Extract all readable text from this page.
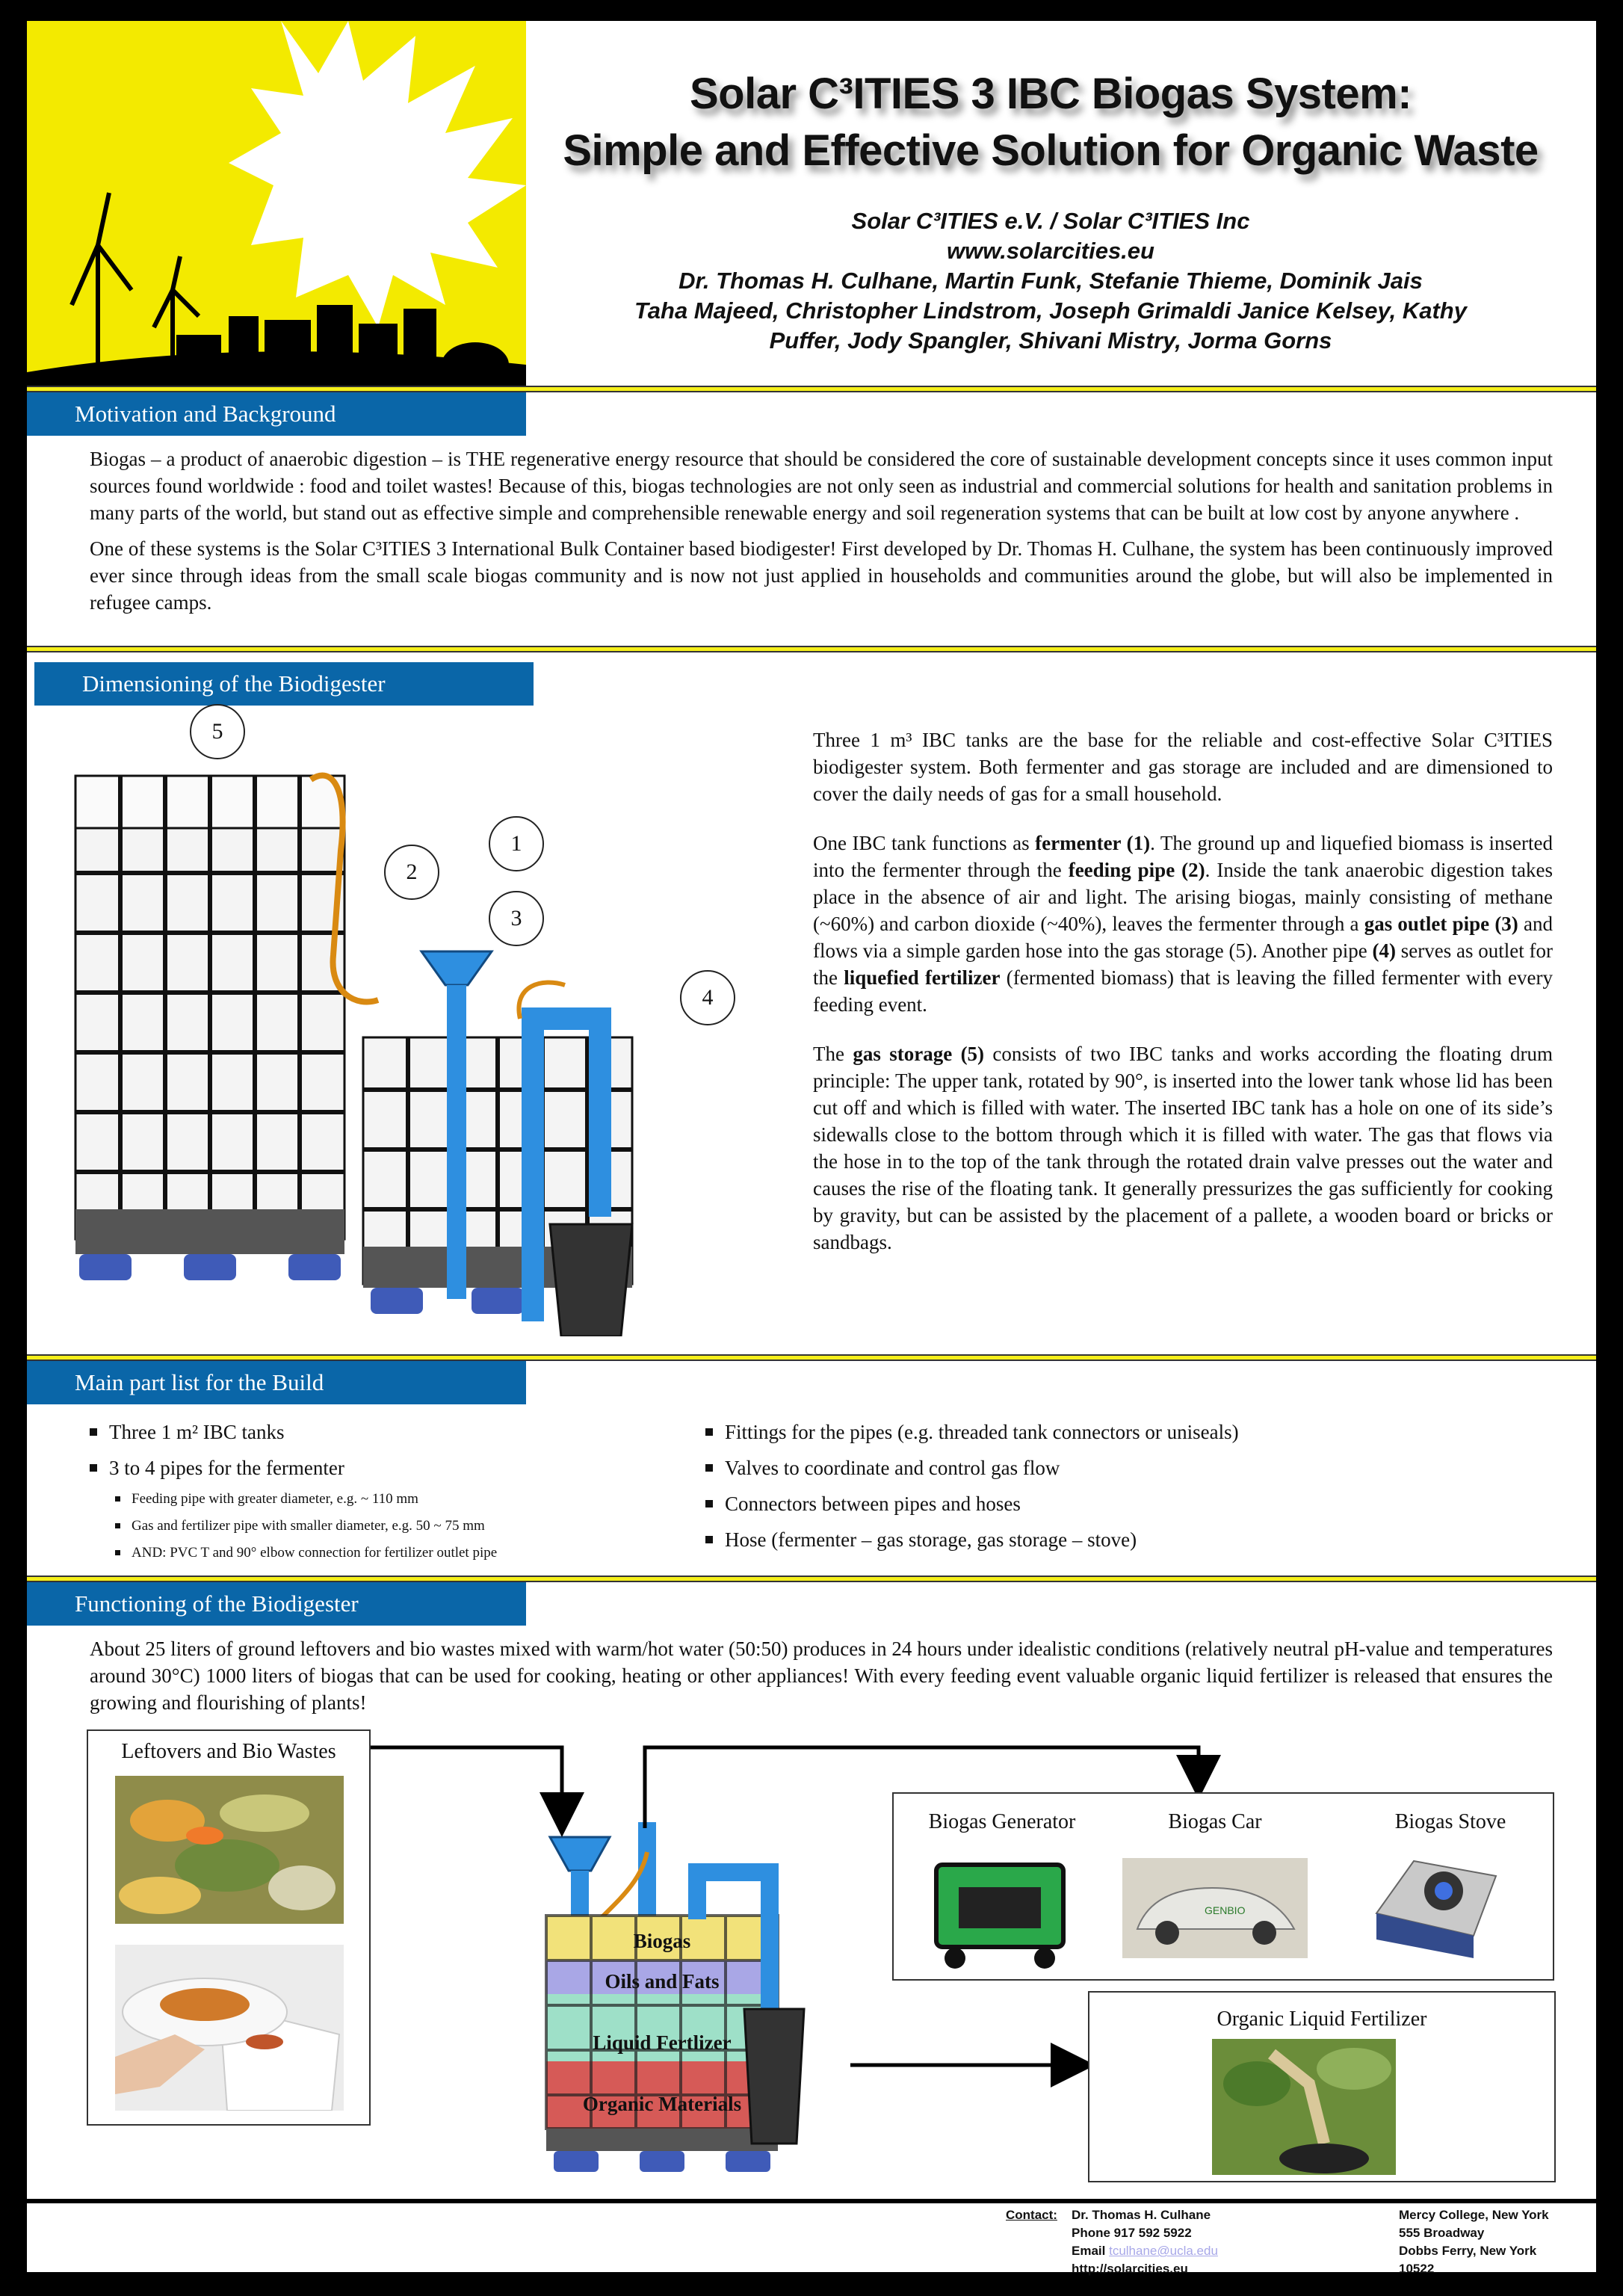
Solar C³ITIES 3 IBC Biogas System:
Simple and Effective Solution for Organic Waste
Solar C³ITIES e.V. / Solar C³ITIES Inc
www.solarcities.eu
Dr. Thomas H. Culhane, Martin Funk, Stefanie Thieme, Dominik Jais
Taha Majeed, Christopher Lindstrom, Joseph Grimaldi Janice Kelsey, Kathy
Puffer, Jody Spangler, Shivani Mistry, Jorma Gorns
Motivation and Background

Biogas – a product of anaerobic digestion – is THE regenerative energy resource that should be considered the core of sustainable development concepts since it uses common input sources found worldwide : food and toilet wastes! Because of this, biogas technologies are not only seen as industrial and commercial solutions for health and sanitation problems in many parts of the world, but stand out as effective simple and comprehensible renewable energy and soil regeneration systems that can be built at low cost by anyone anywhere .

One of these systems is the Solar C³ITIES 3 International Bulk Container based biodigester! First developed by Dr. Thomas H. Culhane, the system has been continuously improved ever since through ideas from the small scale biogas community and is now not just applied in households and communities around the globe, but will also be implemented in refugee camps.

Dimensioning of the Biodigester
5
2
1
3
4

Three 1 m³ IBC tanks are the base for the reliable and cost-effective Solar C³ITIES biodigester system. Both fermenter and gas storage are included and are dimensioned to cover the daily needs of gas for a small household.

One IBC tank functions as fermenter (1). The ground up and liquefied biomass is inserted into the fermenter through the feeding pipe (2). Inside the tank anaerobic digestion takes place in the absence of air and light. The arising biogas, mainly consisting of methane (~60%) and carbon dioxide (~40%), leaves the fermenter through a gas outlet pipe (3) and flows via a simple garden hose into the gas storage (5). Another pipe (4) serves as outlet for the liquefied fertilizer (fermented biomass) that is leaving the filled fermenter with every feeding event.

The gas storage (5) consists of two IBC tanks and works according the floating drum principle: The upper tank, rotated by 90°, is inserted into the lower tank whose lid has been cut off and which is filled with water. The inserted IBC tank has a hole on one of its side’s sidewalls close to the bottom through which it is filled with water. The gas that flows via the hose in to the top of the tank through the rotated drain valve presses out the water and causes the rise of the floating tank. It generally pressurizes the gas sufficiently for cooking by gravity, but can be assisted by the placement of a pallete, a wooden board or bricks or sandbags.

Main part list for the Build
Three 1 m² IBC tanks
3 to 4 pipes for the fermenter
Feeding pipe with greater diameter, e.g. ~ 110 mm
Gas and fertilizer pipe with smaller diameter, e.g. 50 ~ 75 mm
AND: PVC T and 90° elbow connection for fertilizer outlet pipe
Fittings for the pipes (e.g. threaded tank connectors or uniseals)
Valves to coordinate and control gas flow
Connectors between pipes and hoses
Hose (fermenter – gas storage, gas storage – stove)
Functioning of the Biodigester
About 25 liters of ground leftovers and bio wastes mixed with warm/hot water (50:50) produces in 24 hours under idealistic conditions (relatively neutral pH-value and temperatures around 30°C) 1000 liters of biogas that can be used for cooking, heating or other appliances! With every feeding event valuable organic liquid fertilizer is released that ensures the growing and flourishing of plants!
Leftovers and Bio Wastes
Biogas
Oils and Fats
Liquid Fertlizer
Organic Materials
Biogas Generator	Biogas Car	Biogas Stove
GENBIO
Organic Liquid Fertilizer
Contact: Dr. Thomas H. Culhane
Phone 917 592 5922
Email tculhane@ucla.edu
http://solarcities.eu
Mercy College, New York
555 Broadway
Dobbs Ferry, New York
10522
